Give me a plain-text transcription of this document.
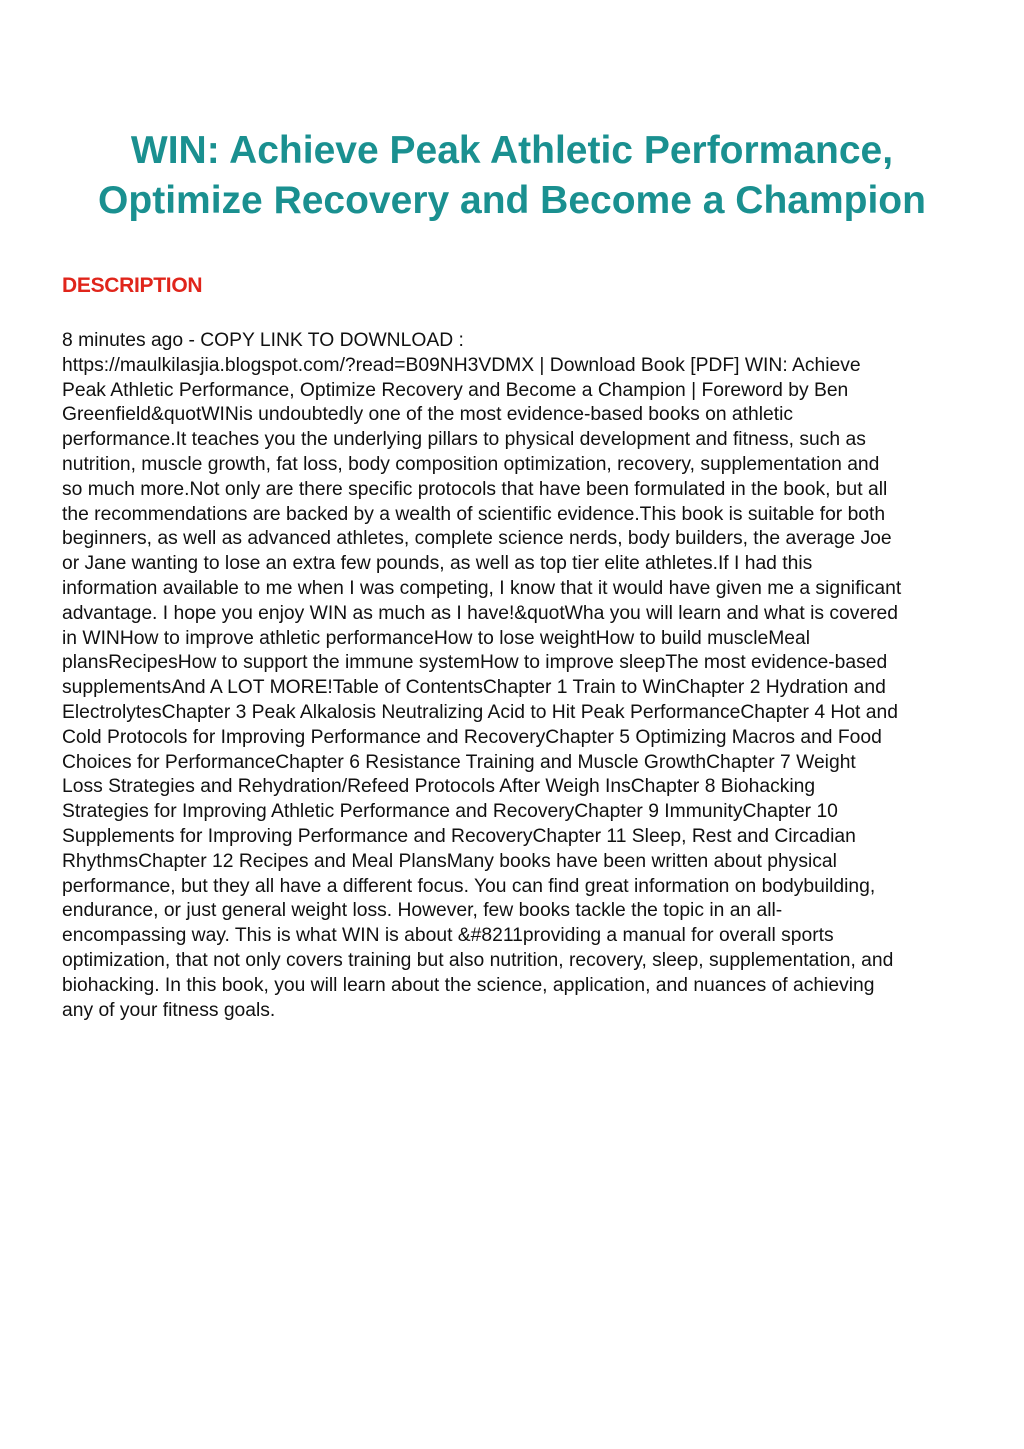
WIN: Achieve Peak Athletic Performance,
Optimize Recovery and Become a Champion
DESCRIPTION
8 minutes ago - COPY LINK TO DOWNLOAD :
https://maulkilasjia.blogspot.com/?read=B09NH3VDMX | Download Book [PDF] WIN: Achieve
Peak Athletic Performance, Optimize Recovery and Become a Champion | Foreword by Ben
Greenfield&quotWINis undoubtedly one of the most evidence-based books on athletic
performance.It teaches you the underlying pillars to physical development and fitness, such as
nutrition, muscle growth, fat loss, body composition optimization, recovery, supplementation and
so much more.Not only are there specific protocols that have been formulated in the book, but all
the recommendations are backed by a wealth of scientific evidence.This book is suitable for both
beginners, as well as advanced athletes, complete science nerds, body builders, the average Joe
or Jane wanting to lose an extra few pounds, as well as top tier elite athletes.If I had this
information available to me when I was competing, I know that it would have given me a significant
advantage. I hope you enjoy WIN as much as I have!&quotWha you will learn and what is covered
in WINHow to improve athletic performanceHow to lose weightHow to build muscleMeal
plansRecipesHow to support the immune systemHow to improve sleepThe most evidence-based
supplementsAnd A LOT MORE!Table of ContentsChapter 1 Train to WinChapter 2 Hydration and
ElectrolytesChapter 3 Peak Alkalosis Neutralizing Acid to Hit Peak PerformanceChapter 4 Hot and
Cold Protocols for Improving Performance and RecoveryChapter 5 Optimizing Macros and Food
Choices for PerformanceChapter 6 Resistance Training and Muscle GrowthChapter 7 Weight
Loss Strategies and Rehydration/Refeed Protocols After Weigh InsChapter 8 Biohacking
Strategies for Improving Athletic Performance and RecoveryChapter 9 ImmunityChapter 10
Supplements for Improving Performance and RecoveryChapter 11 Sleep, Rest and Circadian
RhythmsChapter 12 Recipes and Meal PlansMany books have been written about physical
performance, but they all have a different focus. You can find great information on bodybuilding,
endurance, or just general weight loss. However, few books tackle the topic in an all-
encompassing way. This is what WIN is about &#8211providing a manual for overall sports
optimization, that not only covers training but also nutrition, recovery, sleep, supplementation, and
biohacking. In this book, you will learn about the science, application, and nuances of achieving
any of your fitness goals.
